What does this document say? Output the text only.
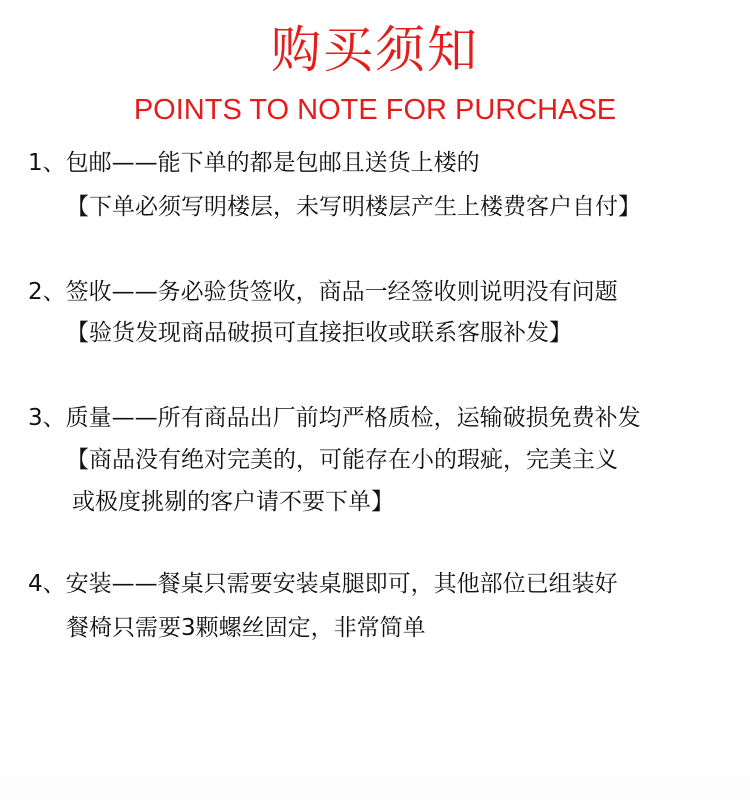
购买须知
POINTS TO NOTE FOR PURCHASE
1、包邮——能下单的都是包邮且送货上楼的
【下单必须写明楼层，未写明楼层产生上楼费客户自付】
2、签收——务必验货签收，商品一经签收则说明没有问题
【验货发现商品破损可直接拒收或联系客服补发】
3、质量——所有商品出厂前均严格质检，运输破损免费补发
【商品没有绝对完美的，可能存在小的瑕疵，完美主义
或极度挑剔的客户请不要下单】
4、安装——餐桌只需要安装桌腿即可，其他部位已组装好
餐椅只需要3颗螺丝固定，非常简单
